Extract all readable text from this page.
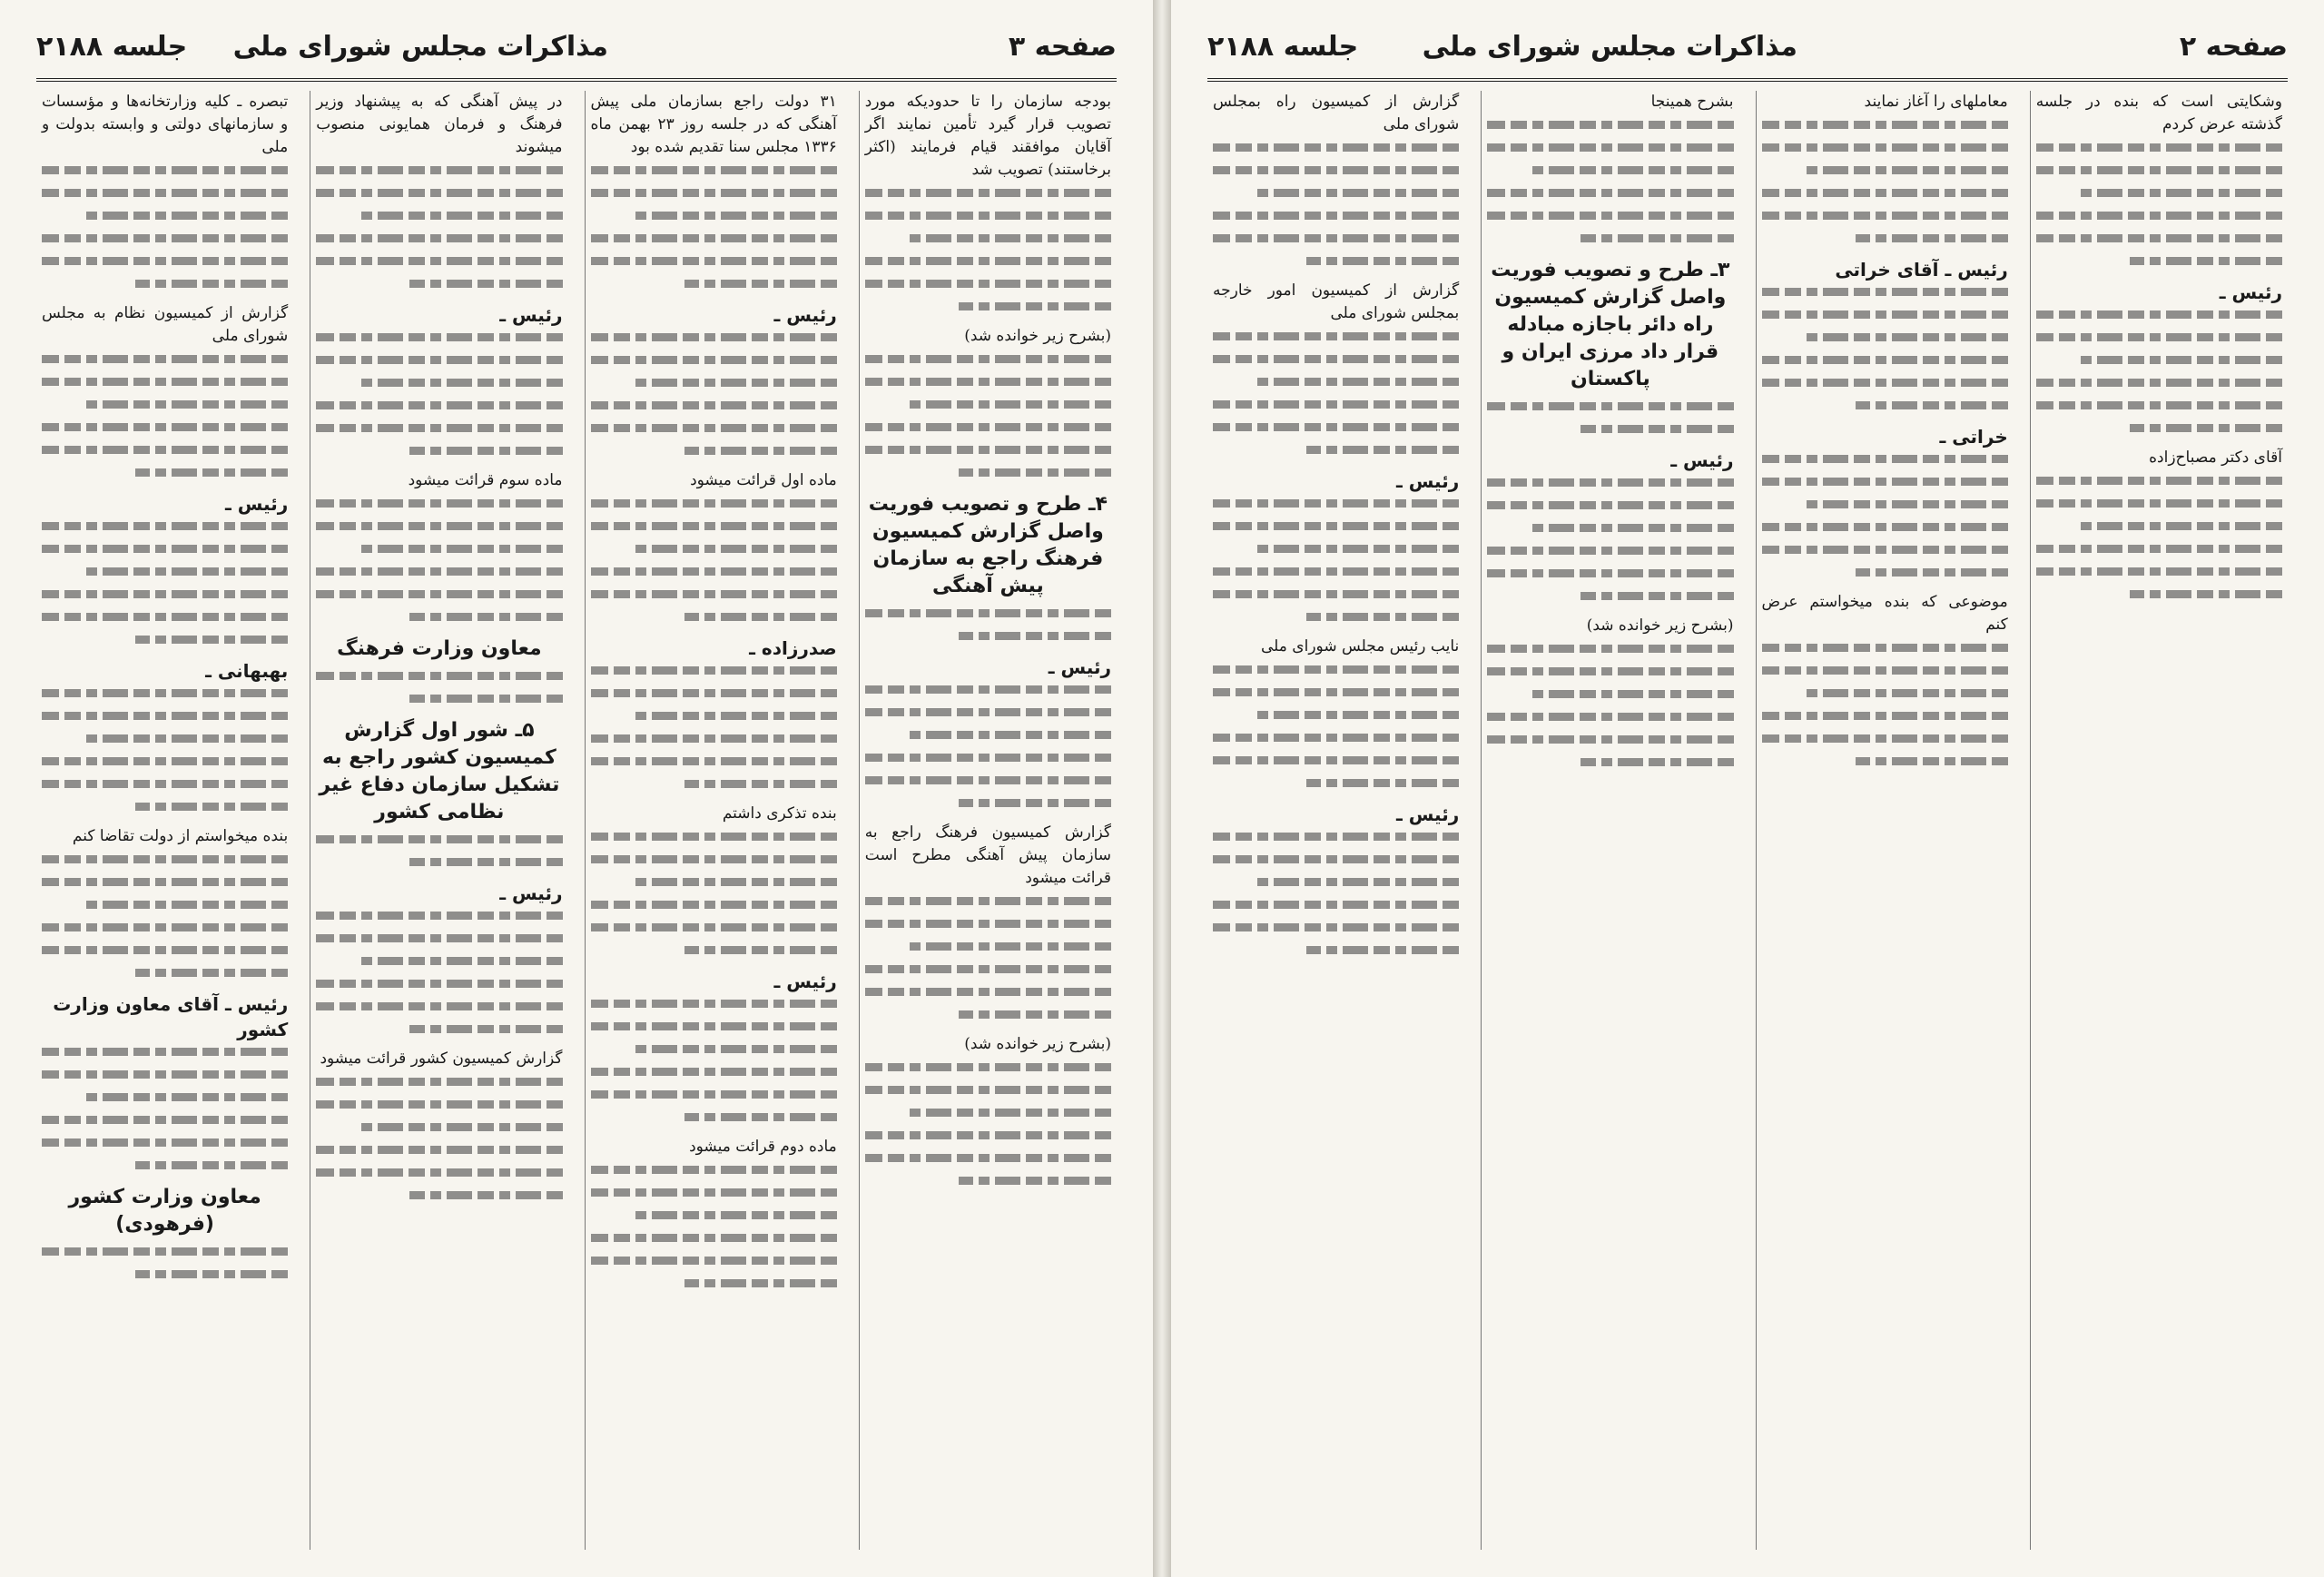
صفحه ۳
مذاکرات مجلس شورای ملی
جلسه ۲۱۸۸

بودجه سازمان را تا حدودیکه مورد تصویب قرار گیرد تأمین نمایند اگر آقایان موافقند قیام فرمایند (اکثر برخاستند) تصویب شد

(بشرح زیر خوانده شد)

۴ـ طرح و تصویب فوریت واصل گزارش کمیسیون فرهنگ راجع به سازمان پیش آهنگی
رئیس ـ

گزارش کمیسیون فرهنگ راجع به سازمان پیش آهنگی مطرح است قرائت میشود

(بشرح زیر خوانده شد)

۳۱ دولت راجع بسازمان ملی پیش آهنگی که در جلسه روز ۲۳ بهمن ماه ۱۳۳۶ مجلس سنا تقدیم شده بود

رئیس ـ

ماده اول قرائت میشود

صدرزاده ـ

بنده تذکری داشتم

رئیس ـ

ماده دوم قرائت میشود

در پیش آهنگی که به پیشنهاد وزیر فرهنگ و فرمان همایونی منصوب میشوند

رئیس ـ

ماده سوم قرائت میشود

معاون وزارت فرهنگ
۵ـ شور اول گزارش کمیسیون کشور راجع به تشکیل سازمان دفاع غیر نظامی کشور
رئیس ـ

گزارش کمیسیون کشور قرائت میشود

تبصره ـ کلیه وزارتخانه‌ها و مؤسسات و سازمانهای دولتی و وابسته بدولت و ملی

گزارش از کمیسیون نظام به مجلس شورای ملی

رئیس ـ
بهبهانی ـ

بنده میخواستم از دولت تقاضا کنم

رئیس ـ آقای معاون وزارت کشور
معاون وزارت کشور (فرهودی)
صفحه ۲
مذاکرات مجلس شورای ملی
جلسه ۲۱۸۸

وشکایتی است که بنده در جلسه گذشته عرض کردم

رئیس ـ

آقای دکتر مصباح‌زاده

معاملهای را آغاز نمایند

رئیس ـ آقای خراتی
خراتی ـ

موضوعی که بنده میخواستم عرض کنم

بشرح همینجا

۳ـ طرح و تصویب فوریت واصل گزارش کمیسیون راه دائر باجازه مبادله قرار داد مرزی ایران و پاکستان
رئیس ـ

(بشرح زیر خوانده شد)

گزارش از کمیسیون راه بمجلس شورای ملی

گزارش از کمیسیون امور خارجه بمجلس شورای ملی

رئیس ـ

نایب رئیس مجلس شورای ملی

رئیس ـ
